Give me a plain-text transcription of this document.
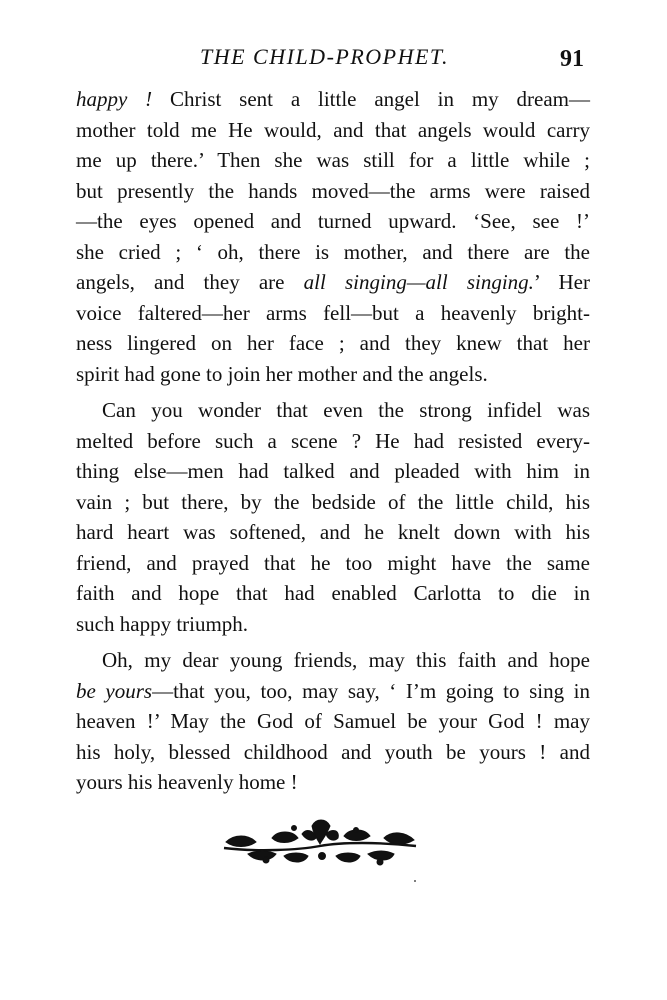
THE CHILD-PROPHET.	91
happy ! Christ sent a little angel in my dream—
mother told me He would, and that angels would carry
me up there.’ Then she was still for a little while ;
but presently the hands moved—the arms were raised
—the eyes opened and turned upward. ‘See, see !’
she cried ; ‘ oh, there is mother, and there are the
angels, and they are all singing—all singing.’ Her
voice faltered—her arms fell—but a heavenly bright-
ness lingered on her face ; and they knew that her
spirit had gone to join her mother and the angels.
Can you wonder that even the strong infidel was
melted before such a scene ? He had resisted every-
thing else—men had talked and pleaded with him in
vain ; but there, by the bedside of the little child, his
hard heart was softened, and he knelt down with his
friend, and prayed that he too might have the same
faith and hope that had enabled Carlotta to die in
such happy triumph.
Oh, my dear young friends, may this faith and hope
be yours—that you, too, may say, ‘ I’m going to sing in
heaven !’ May the God of Samuel be your God ! may
his holy, blessed childhood and youth be yours ! and
yours his heavenly home !
